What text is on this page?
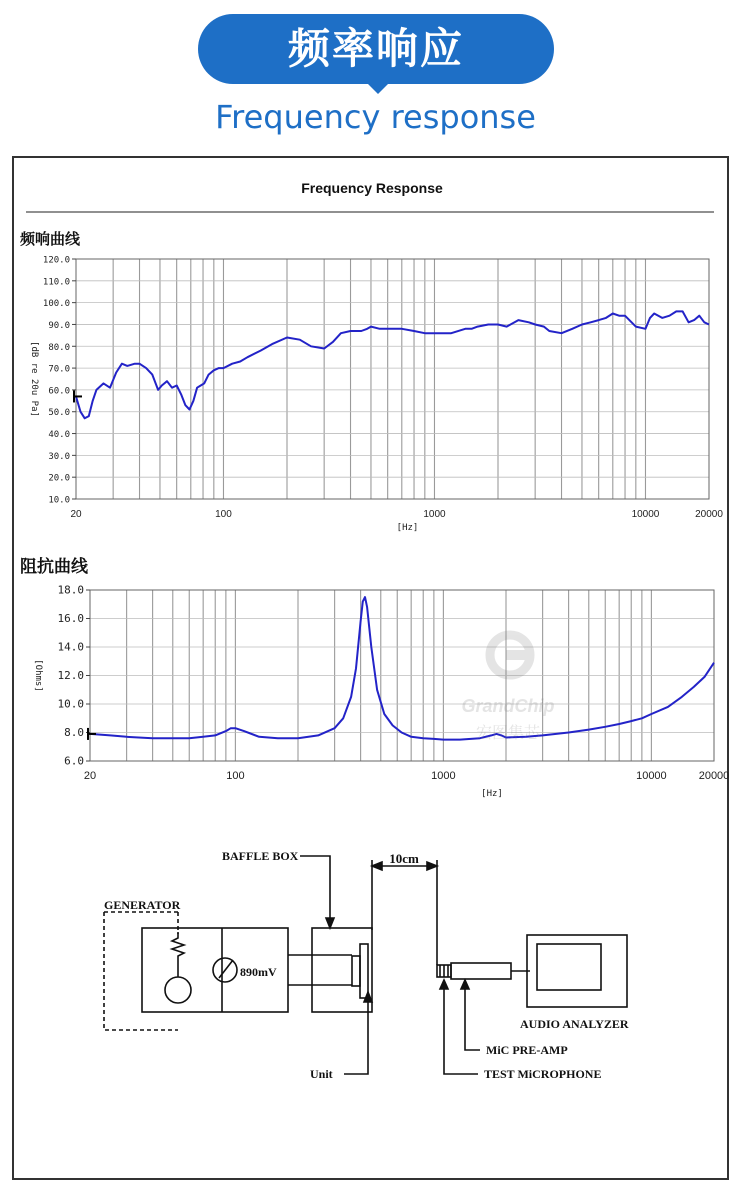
频率响应
Frequency response
Frequency Response
频响曲线
10.0
20.0
30.0
40.0
50.0
60.0
70.0
80.0
90.0
100.0
110.0
120.0
20	100	1000	10000	20000
[Hz]
[dB re 20u Pa]
阻抗曲线
6.0
8.0
10.0
12.0
14.0
16.0
18.0
20	100	1000	10000	20000
[Hz]
[Ohms]
GrandChip
宏图集芯
BAFFLE BOX	10cm
GENERATOR
890mV
Unit
AUDIO ANALYZER
MiC PRE-AMP
TEST MiCROPHONE
